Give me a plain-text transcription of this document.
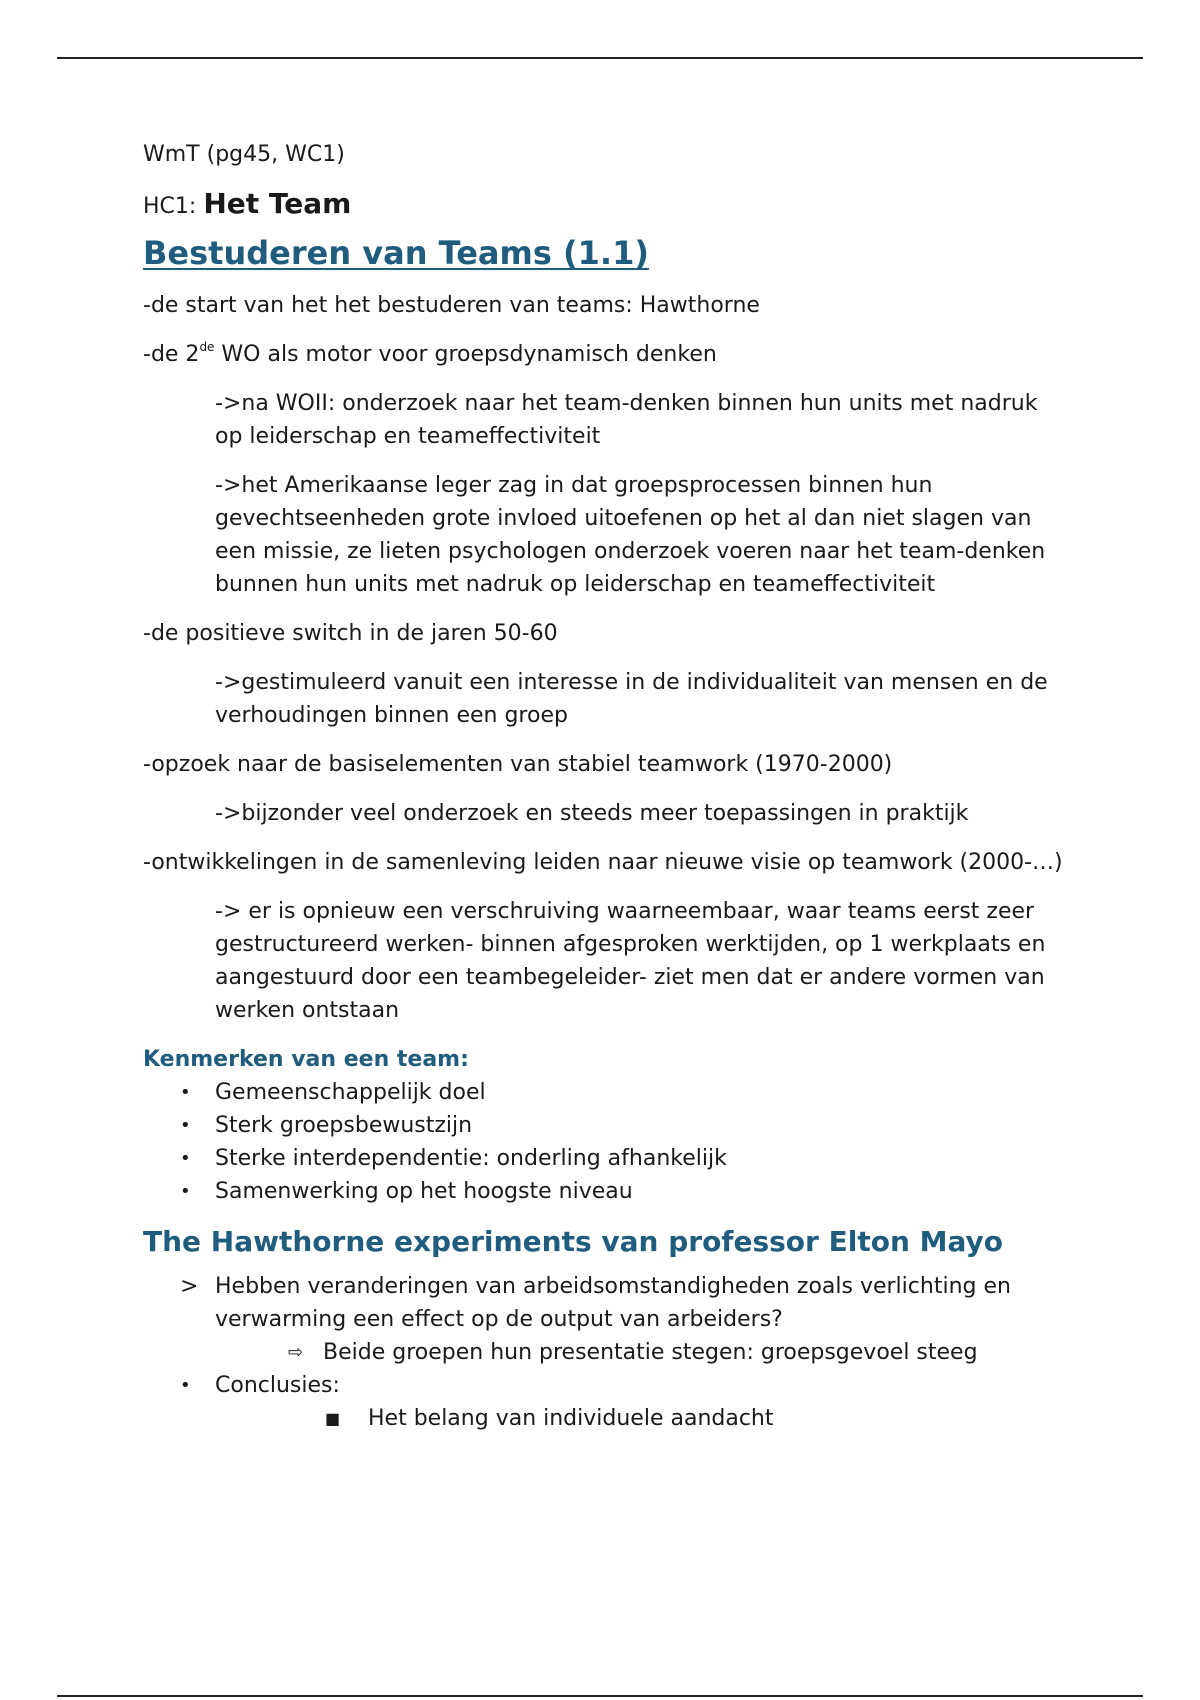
WmT (pg45, WC1)

HC1: Het Team

Bestuderen van Teams (1.1)

-de start van het het bestuderen van teams: Hawthorne

-de 2de WO als motor voor groepsdynamisch denken

->na WOII: onderzoek naar het team-denken binnen hun units met nadruk op leiderschap en teameffectiviteit

->het Amerikaanse leger zag in dat groepsprocessen binnen hun gevechtseenheden grote invloed uitoefenen op het al dan niet slagen van een missie, ze lieten psychologen onderzoek voeren naar het team-denken bunnen hun units met nadruk op leiderschap en teameffectiviteit

-de positieve switch in de jaren 50-60

->gestimuleerd vanuit een interesse in de individualiteit van mensen en de verhoudingen binnen een groep

-opzoek naar de basiselementen van stabiel teamwork (1970-2000)

->bijzonder veel onderzoek en steeds meer toepassingen in praktijk

-ontwikkelingen in de samenleving leiden naar nieuwe visie op teamwork (2000-…)

-> er is opnieuw een verschruiving waarneembaar, waar teams eerst zeer gestructureerd werken- binnen afgesproken werktijden, op 1 werkplaats en aangestuurd door een teambegeleider- ziet men dat er andere vormen van werken ontstaan

Kenmerken van een team:

•	Gemeenschappelijk doel
•	Sterk groepsbewustzijn
•	Sterke interdependentie: onderling afhankelijk
•	Samenwerking op het hoogste niveau

The Hawthorne experiments van professor Elton Mayo

> Hebben veranderingen van arbeidsomstandigheden zoals verlichting en verwarming een effect op de output van arbeiders?
⇨ Beide groepen hun presentatie stegen: groepsgevoel steeg
•	Conclusies:
■	Het belang van individuele aandacht
